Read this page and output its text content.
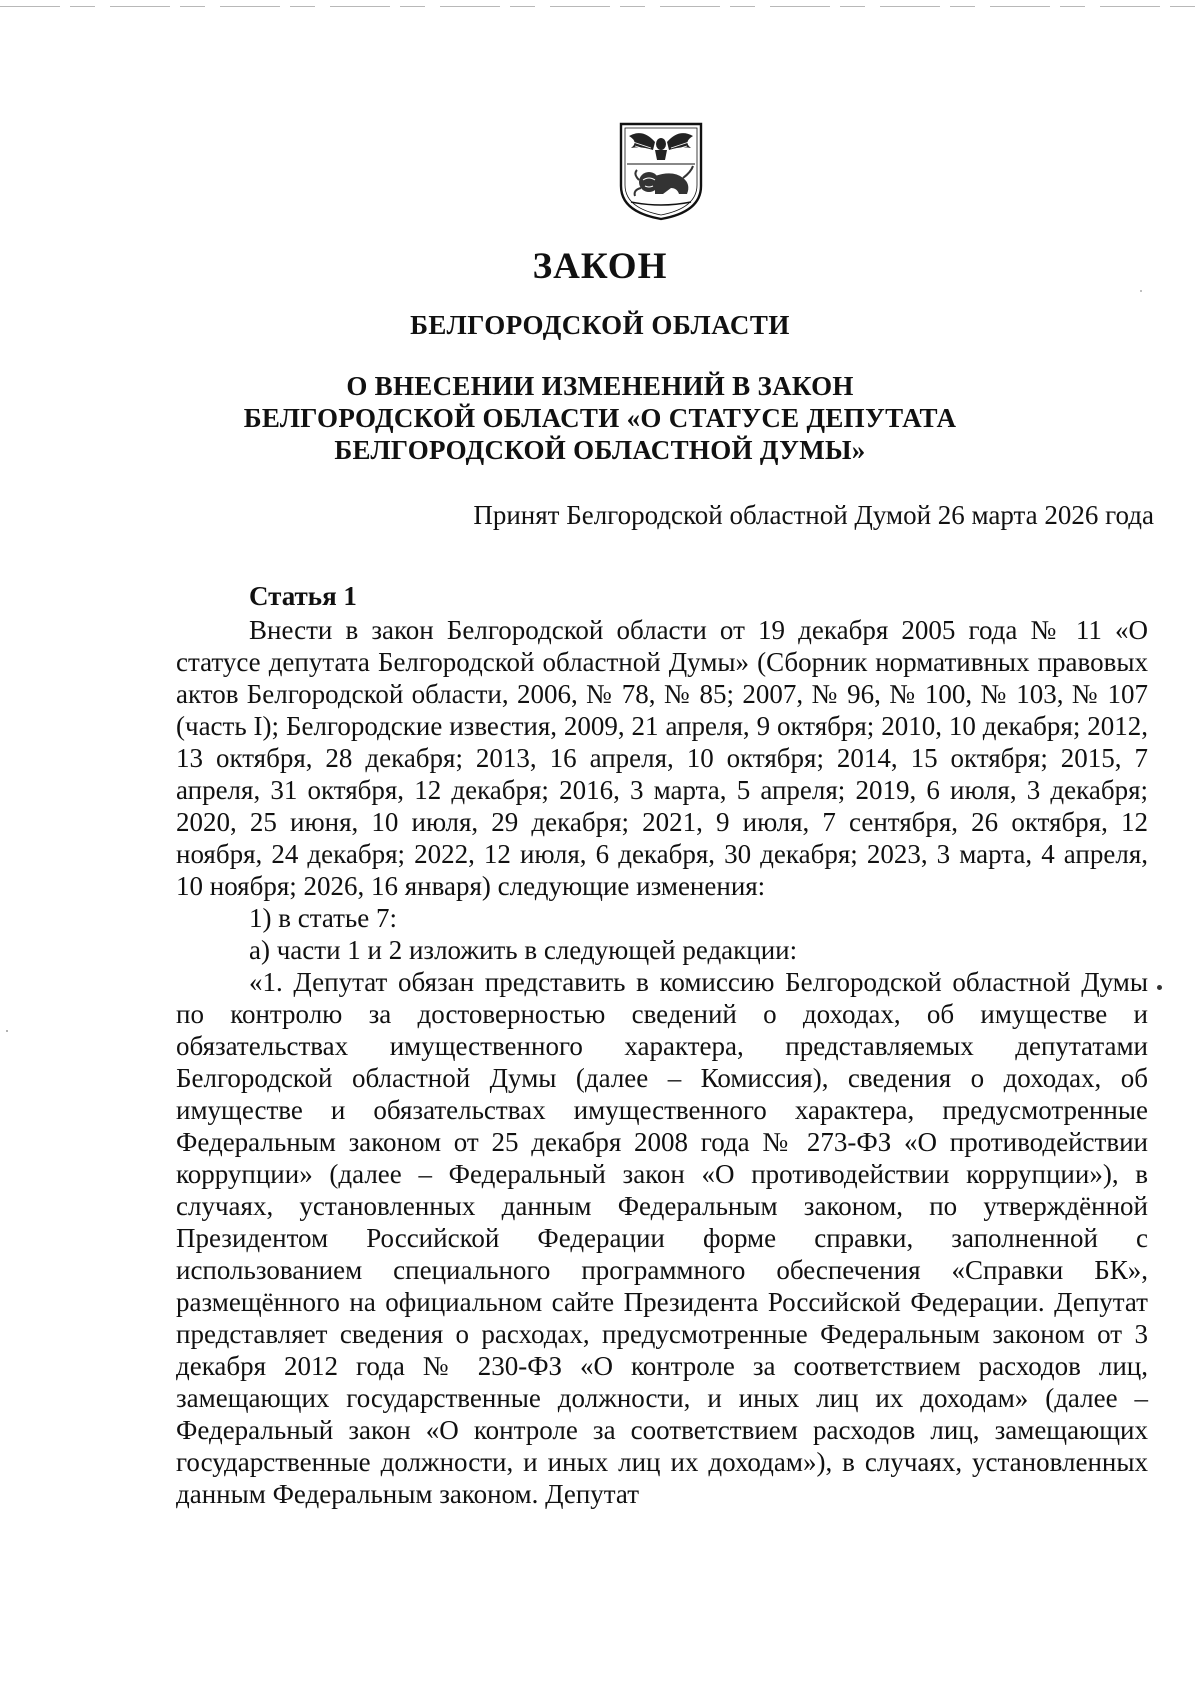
ЗАКОН
БЕЛГОРОДСКОЙ ОБЛАСТИ
О ВНЕСЕНИИ ИЗМЕНЕНИЙ В ЗАКОН
БЕЛГОРОДСКОЙ ОБЛАСТИ «О СТАТУСЕ ДЕПУТАТА
БЕЛГОРОДСКОЙ ОБЛАСТНОЙ ДУМЫ»
Принят Белгородской областной Думой 26 марта 2026 года

Статья 1

Внести в закон Белгородской области от 19 декабря 2005 года № 11 «О статусе депутата Белгородской областной Думы» (Сборник нормативных правовых актов Белгородской области, 2006, № 78, № 85; 2007, № 96, № 100, № 103, № 107 (часть I); Белгородские известия, 2009, 21 апреля, 9 октября; 2010, 10 декабря; 2012, 13 октября, 28 декабря; 2013, 16 апреля, 10 октября; 2014, 15 октября; 2015, 7 апреля, 31 октября, 12 декабря; 2016, 3 марта, 5 апреля; 2019, 6 июля, 3 декабря; 2020, 25 июня, 10 июля, 29 декабря; 2021, 9 июля, 7 сентября, 26 октября, 12 ноября, 24 декабря; 2022, 12 июля, 6 декабря, 30 декабря; 2023, 3 марта, 4 апреля, 10 ноября; 2026, 16 января) следующие изменения:

1) в статье 7:

а) части 1 и 2 изложить в следующей редакции:

«1. Депутат обязан представить в комиссию Белгородской областной Думы по контролю за достоверностью сведений о доходах, об имуществе и обязательствах имущественного характера, представляемых депутатами Белгородской областной Думы (далее – Комиссия), сведения о доходах, об имуществе и обязательствах имущественного характера, предусмотренные Федеральным законом от 25 декабря 2008 года № 273-ФЗ «О противодействии коррупции» (далее – Федеральный закон «О противодействии коррупции»), в случаях, установленных данным Федеральным законом, по утверждённой Президентом Российской Федерации форме справки, заполненной с использованием специального программного обеспечения «Справки БК», размещённого на официальном сайте Президента Российской Федерации. Депутат представляет сведения о расходах, предусмотренные Федеральным законом от 3 декабря 2012 года № 230-ФЗ «О контроле за соответствием расходов лиц, замещающих государственные должности, и иных лиц их доходам» (далее – Федеральный закон «О контроле за соответствием расходов лиц, замещающих государственные должности, и иных лиц их доходам»), в случаях, установленных данным Федеральным законом. Депутат
